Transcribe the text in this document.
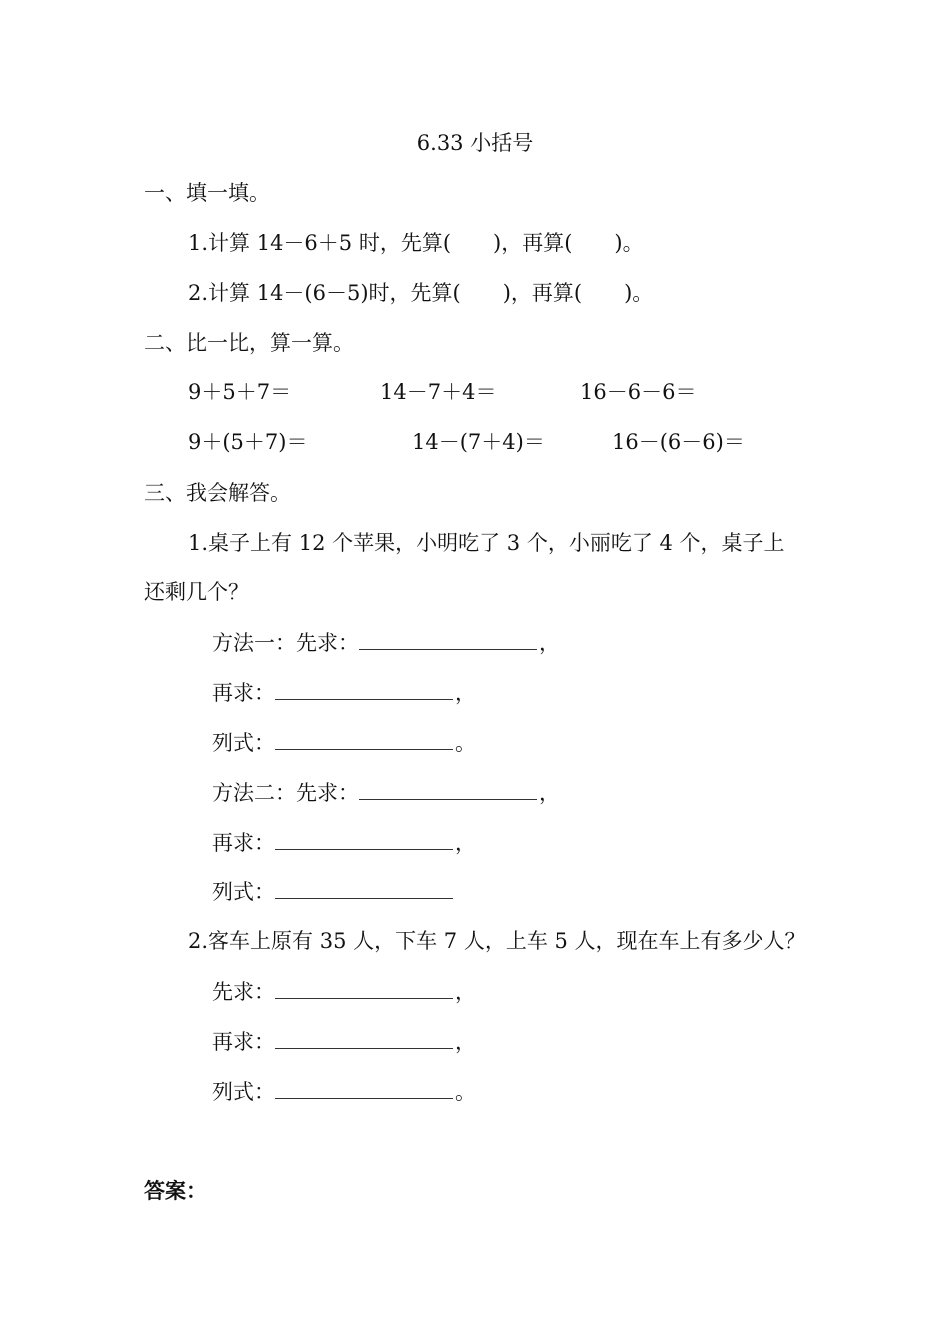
6.33 小括号
一、填一填。
1.计算 14－6＋5 时，先算(　　)，再算(　　)。
2.计算 14－(6－5)时，先算(　　)，再算(　　)。
二、比一比，算一算。
9＋5＋7＝	14－7＋4＝	16－6－6＝
9＋(5＋7)＝	14－(7＋4)＝	16－(6－6)＝
三、我会解答。
1.桌子上有 12 个苹果，小明吃了 3 个，小丽吃了 4 个，桌子上
还剩几个？
方法一：先求：	，
再求：	，
列式：	。
方法二：先求：	，
再求：	，
列式：
2.客车上原有 35 人，下车 7 人，上车 5 人，现在车上有多少人？
先求：	，
再求：	，
列式：	。
答案：
